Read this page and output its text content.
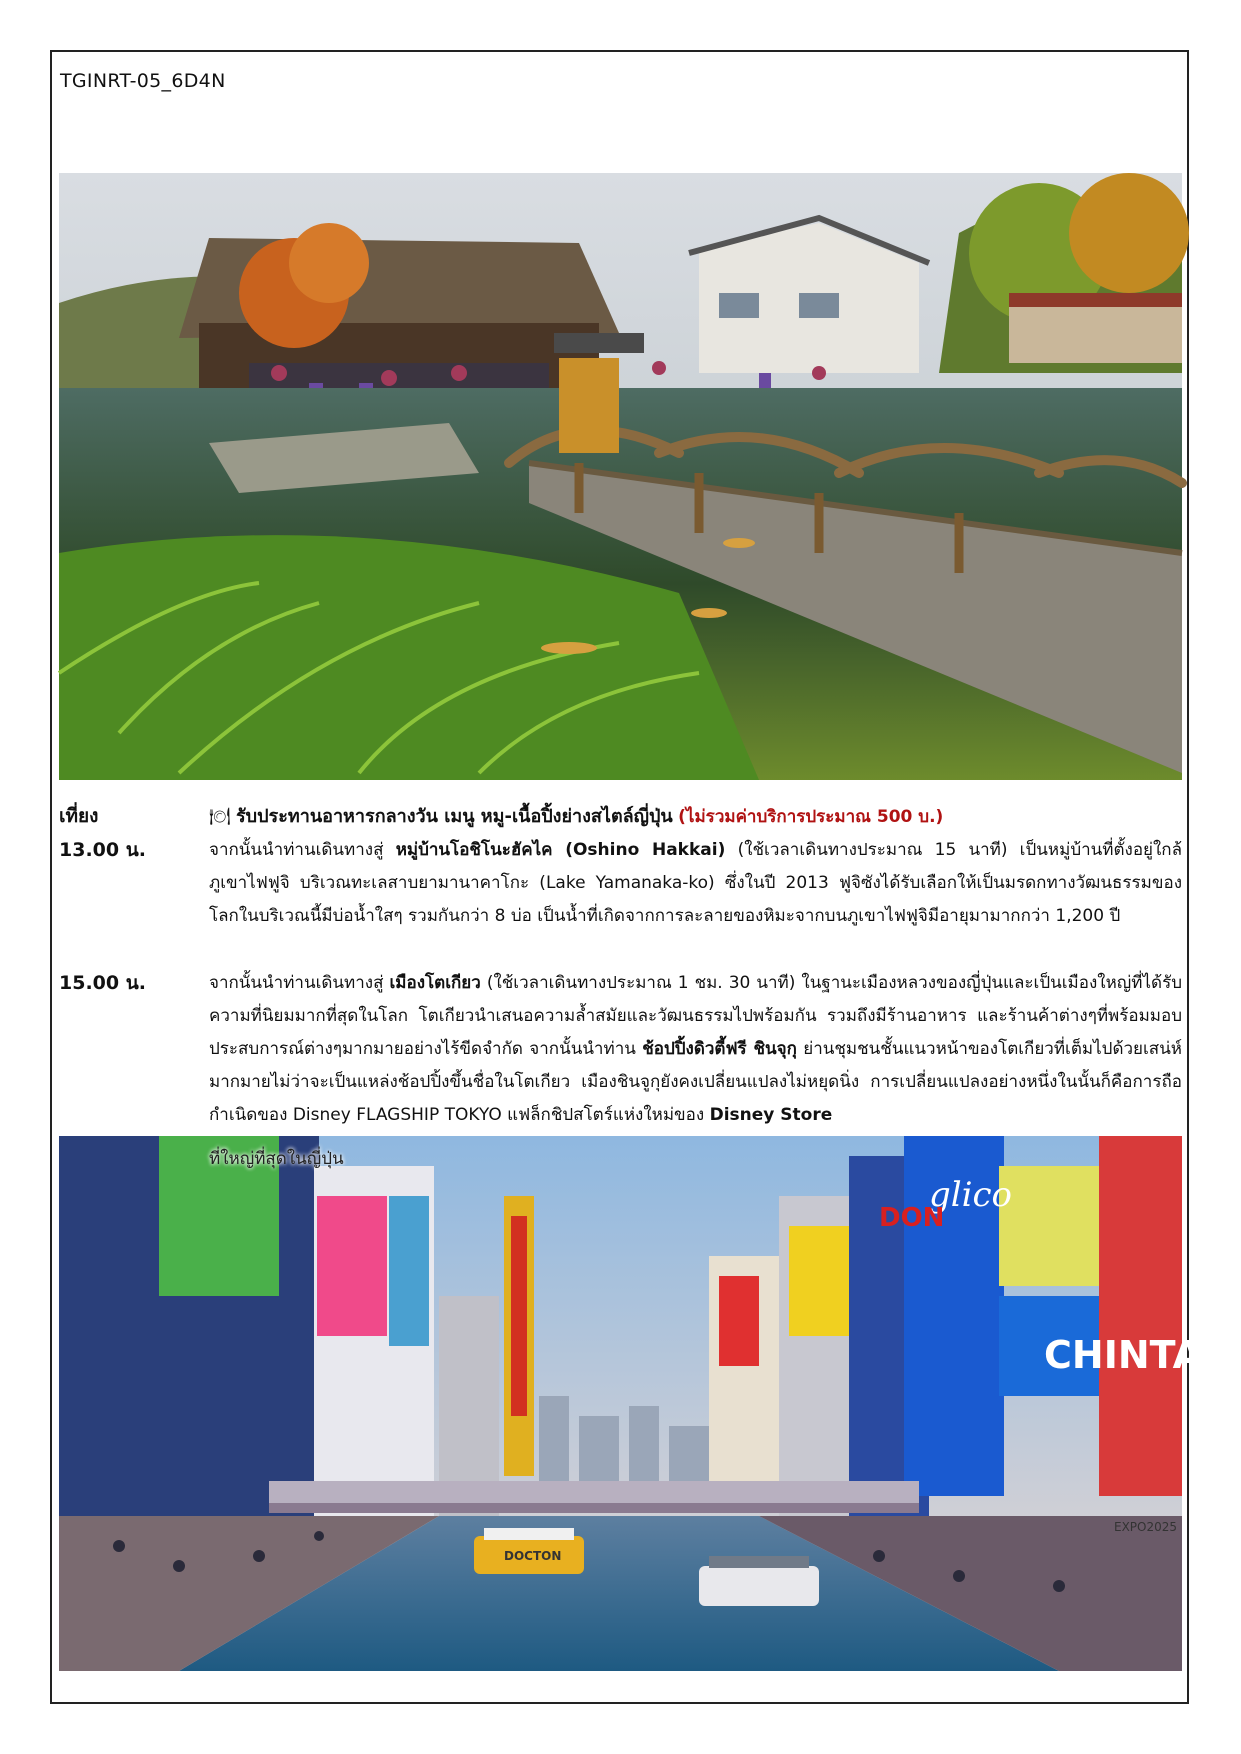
TGINRT-05_6D4N
เที่ยง	🍽 รับประทานอาหารกลางวัน เมนู หมู-เนื้อปิ้งย่างสไตล์ญี่ปุ่น (ไม่รวมค่าบริการประมาณ 500 บ.)
13.00 น.	จากนั้นนำท่านเดินทางสู่ หมู่บ้านโอชิโนะฮัคไค (Oshino Hakkai) (ใช้เวลาเดินทางประมาณ 15 นาที) เป็นหมู่บ้านที่ตั้งอยู่ใกล้ภูเขาไฟฟูจิ บริเวณทะเลสาบยามานาคาโกะ (Lake Yamanaka-ko) ซึ่งในปี 2013 ฟูจิซังได้รับเลือกให้เป็นมรดกทางวัฒนธรรมของโลกในบริเวณนี้มีบ่อน้ำใสๆ รวมกันกว่า 8 บ่อ เป็นน้ำที่เกิดจากการละลายของหิมะจากบนภูเขาไฟฟูจิมีอายุมามากกว่า 1,200 ปี
15.00 น.	จากนั้นนำท่านเดินทางสู่ เมืองโตเกียว (ใช้เวลาเดินทางประมาณ 1 ชม. 30 นาที) ในฐานะเมืองหลวงของญี่ปุ่นและเป็นเมืองใหญ่ที่ได้รับความที่นิยมมากที่สุดในโลก โตเกียวนำเสนอความล้ำสมัยและวัฒนธรรมไปพร้อมกัน รวมถึงมีร้านอาหาร และร้านค้าต่างๆที่พร้อมมอบประสบการณ์ต่างๆมากมายอย่างไร้ขีดจำกัด จากนั้นนำท่าน ช้อปปิ้งดิวตี้ฟรี ชินจุกุ ย่านชุมชนชั้นแนวหน้าของโตเกียวที่เต็มไปด้วยเสน่ห์มากมายไม่ว่าจะเป็นแหล่งช้อปปิ้งขึ้นชื่อในโตเกียว เมืองชินจูกุยังคงเปลี่ยนแปลงไม่หยุดนิ่ง การเปลี่ยนแปลงอย่างหนึ่งในนั้นก็คือการถือกำเนิดของ Disney FLAGSHIP TOKYO แฟล็กชิปสโตร์แห่งใหม่ของ Disney Store
CHINTAI
glico
DOCTON
EXPO2025
DON
ที่ใหญ่ที่สุดในญี่ปุ่น
